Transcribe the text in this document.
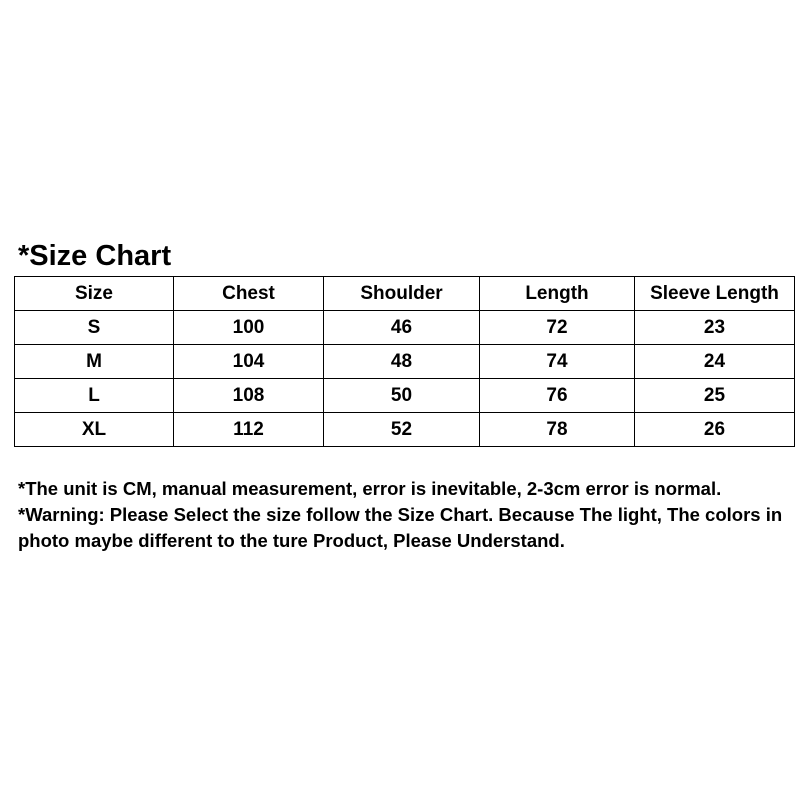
*Size Chart
Size	Chest	Shoulder	Length	Sleeve Length
S	100	46	72	23
M	104	48	74	24
L	108	50	76	25
XL	112	52	78	26

*The unit is CM, manual measurement, error is inevitable, 2-3cm error is normal.

*Warning: Please Select the size follow the Size Chart. Because The light, The colors in photo maybe different to the ture Product, Please Understand.
